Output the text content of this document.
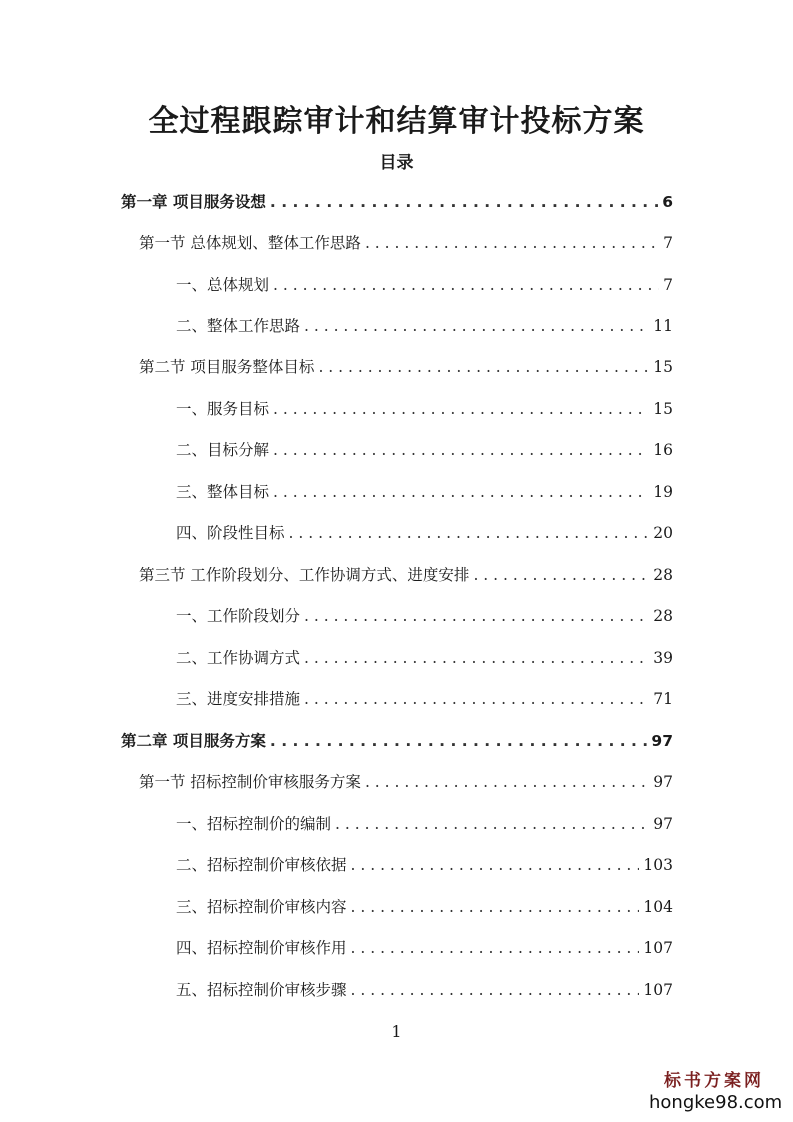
全过程跟踪审计和结算审计投标方案
目录
第一章 项目服务设想 . . .	6
第一节 总体规划、整体工作思路 . . .	7
一、总体规划 . . .	7
二、整体工作思路 . . .	11
第二节 项目服务整体目标 . . .	15
一、服务目标 . . .	15
二、目标分解 . . .	16
三、整体目标 . . .	19
四、阶段性目标 . . .	20
第三节 工作阶段划分、工作协调方式、进度安排 . . .	28
一、工作阶段划分 . . .	28
二、工作协调方式 . . .	39
三、进度安排措施 . . .	71
第二章 项目服务方案 . . .	97
第一节 招标控制价审核服务方案 . . .	97
一、招标控制价的编制 . . .	97
二、招标控制价审核依据 . . .	103
三、招标控制价审核内容 . . .	104
四、招标控制价审核作用 . . .	107
五、招标控制价审核步骤 . . .	107
1
标书方案网
hongke98.com
